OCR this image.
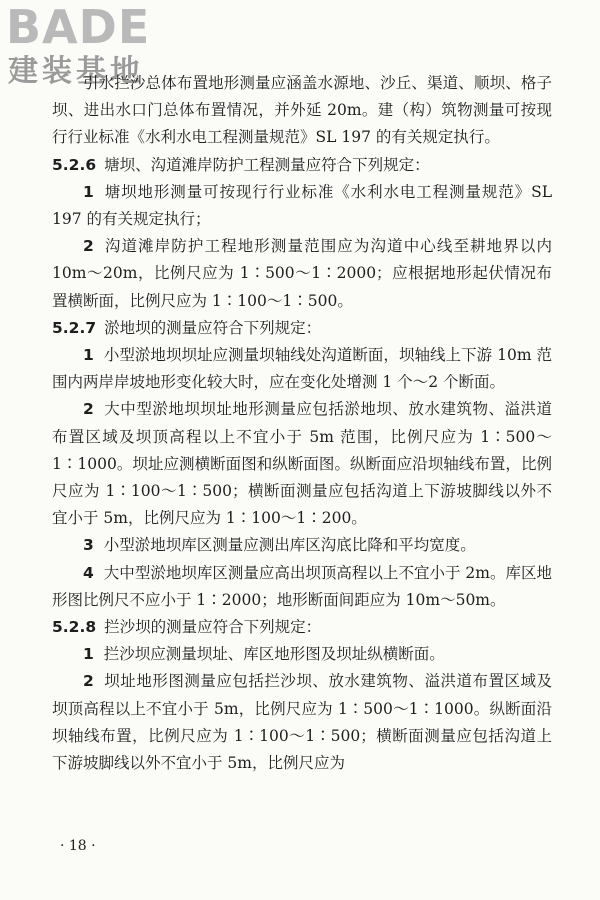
BADE
建装基地

引水拦沙总体布置地形测量应涵盖水源地、沙丘、渠道、顺坝、格子坝、进出水口门总体布置情况，并外延 20m。建（构）筑物测量可按现行行业标准《水利水电工程测量规范》SL 197 的有关规定执行。

5.2.6 塘坝、沟道滩岸防护工程测量应符合下列规定：

1 塘坝地形测量可按现行行业标准《水利水电工程测量规范》SL 197 的有关规定执行；

2 沟道滩岸防护工程地形测量范围应为沟道中心线至耕地界以内 10m～20m，比例尺应为 1∶500～1∶2000；应根据地形起伏情况布置横断面，比例尺应为 1∶100～1∶500。

5.2.7 淤地坝的测量应符合下列规定：

1 小型淤地坝坝址应测量坝轴线处沟道断面，坝轴线上下游 10m 范围内两岸岸坡地形变化较大时，应在变化处增测 1 个～2 个断面。

2 大中型淤地坝坝址地形测量应包括淤地坝、放水建筑物、溢洪道布置区域及坝顶高程以上不宜小于 5m 范围，比例尺应为 1∶500～1∶1000。坝址应测横断面图和纵断面图。纵断面应沿坝轴线布置，比例尺应为 1∶100～1∶500；横断面测量应包括沟道上下游坡脚线以外不宜小于 5m，比例尺应为 1∶100～1∶200。

3 小型淤地坝库区测量应测出库区沟底比降和平均宽度。

4 大中型淤地坝库区测量应高出坝顶高程以上不宜小于 2m。库区地形图比例尺不应小于 1∶2000；地形断面间距应为 10m～50m。

5.2.8 拦沙坝的测量应符合下列规定：

1 拦沙坝应测量坝址、库区地形图及坝址纵横断面。

2 坝址地形图测量应包括拦沙坝、放水建筑物、溢洪道布置区域及坝顶高程以上不宜小于 5m，比例尺应为 1∶500～1∶1000。纵断面沿坝轴线布置，比例尺应为 1∶100～1∶500；横断面测量应包括沟道上下游坡脚线以外不宜小于 5m，比例尺应为

· 18 ·
